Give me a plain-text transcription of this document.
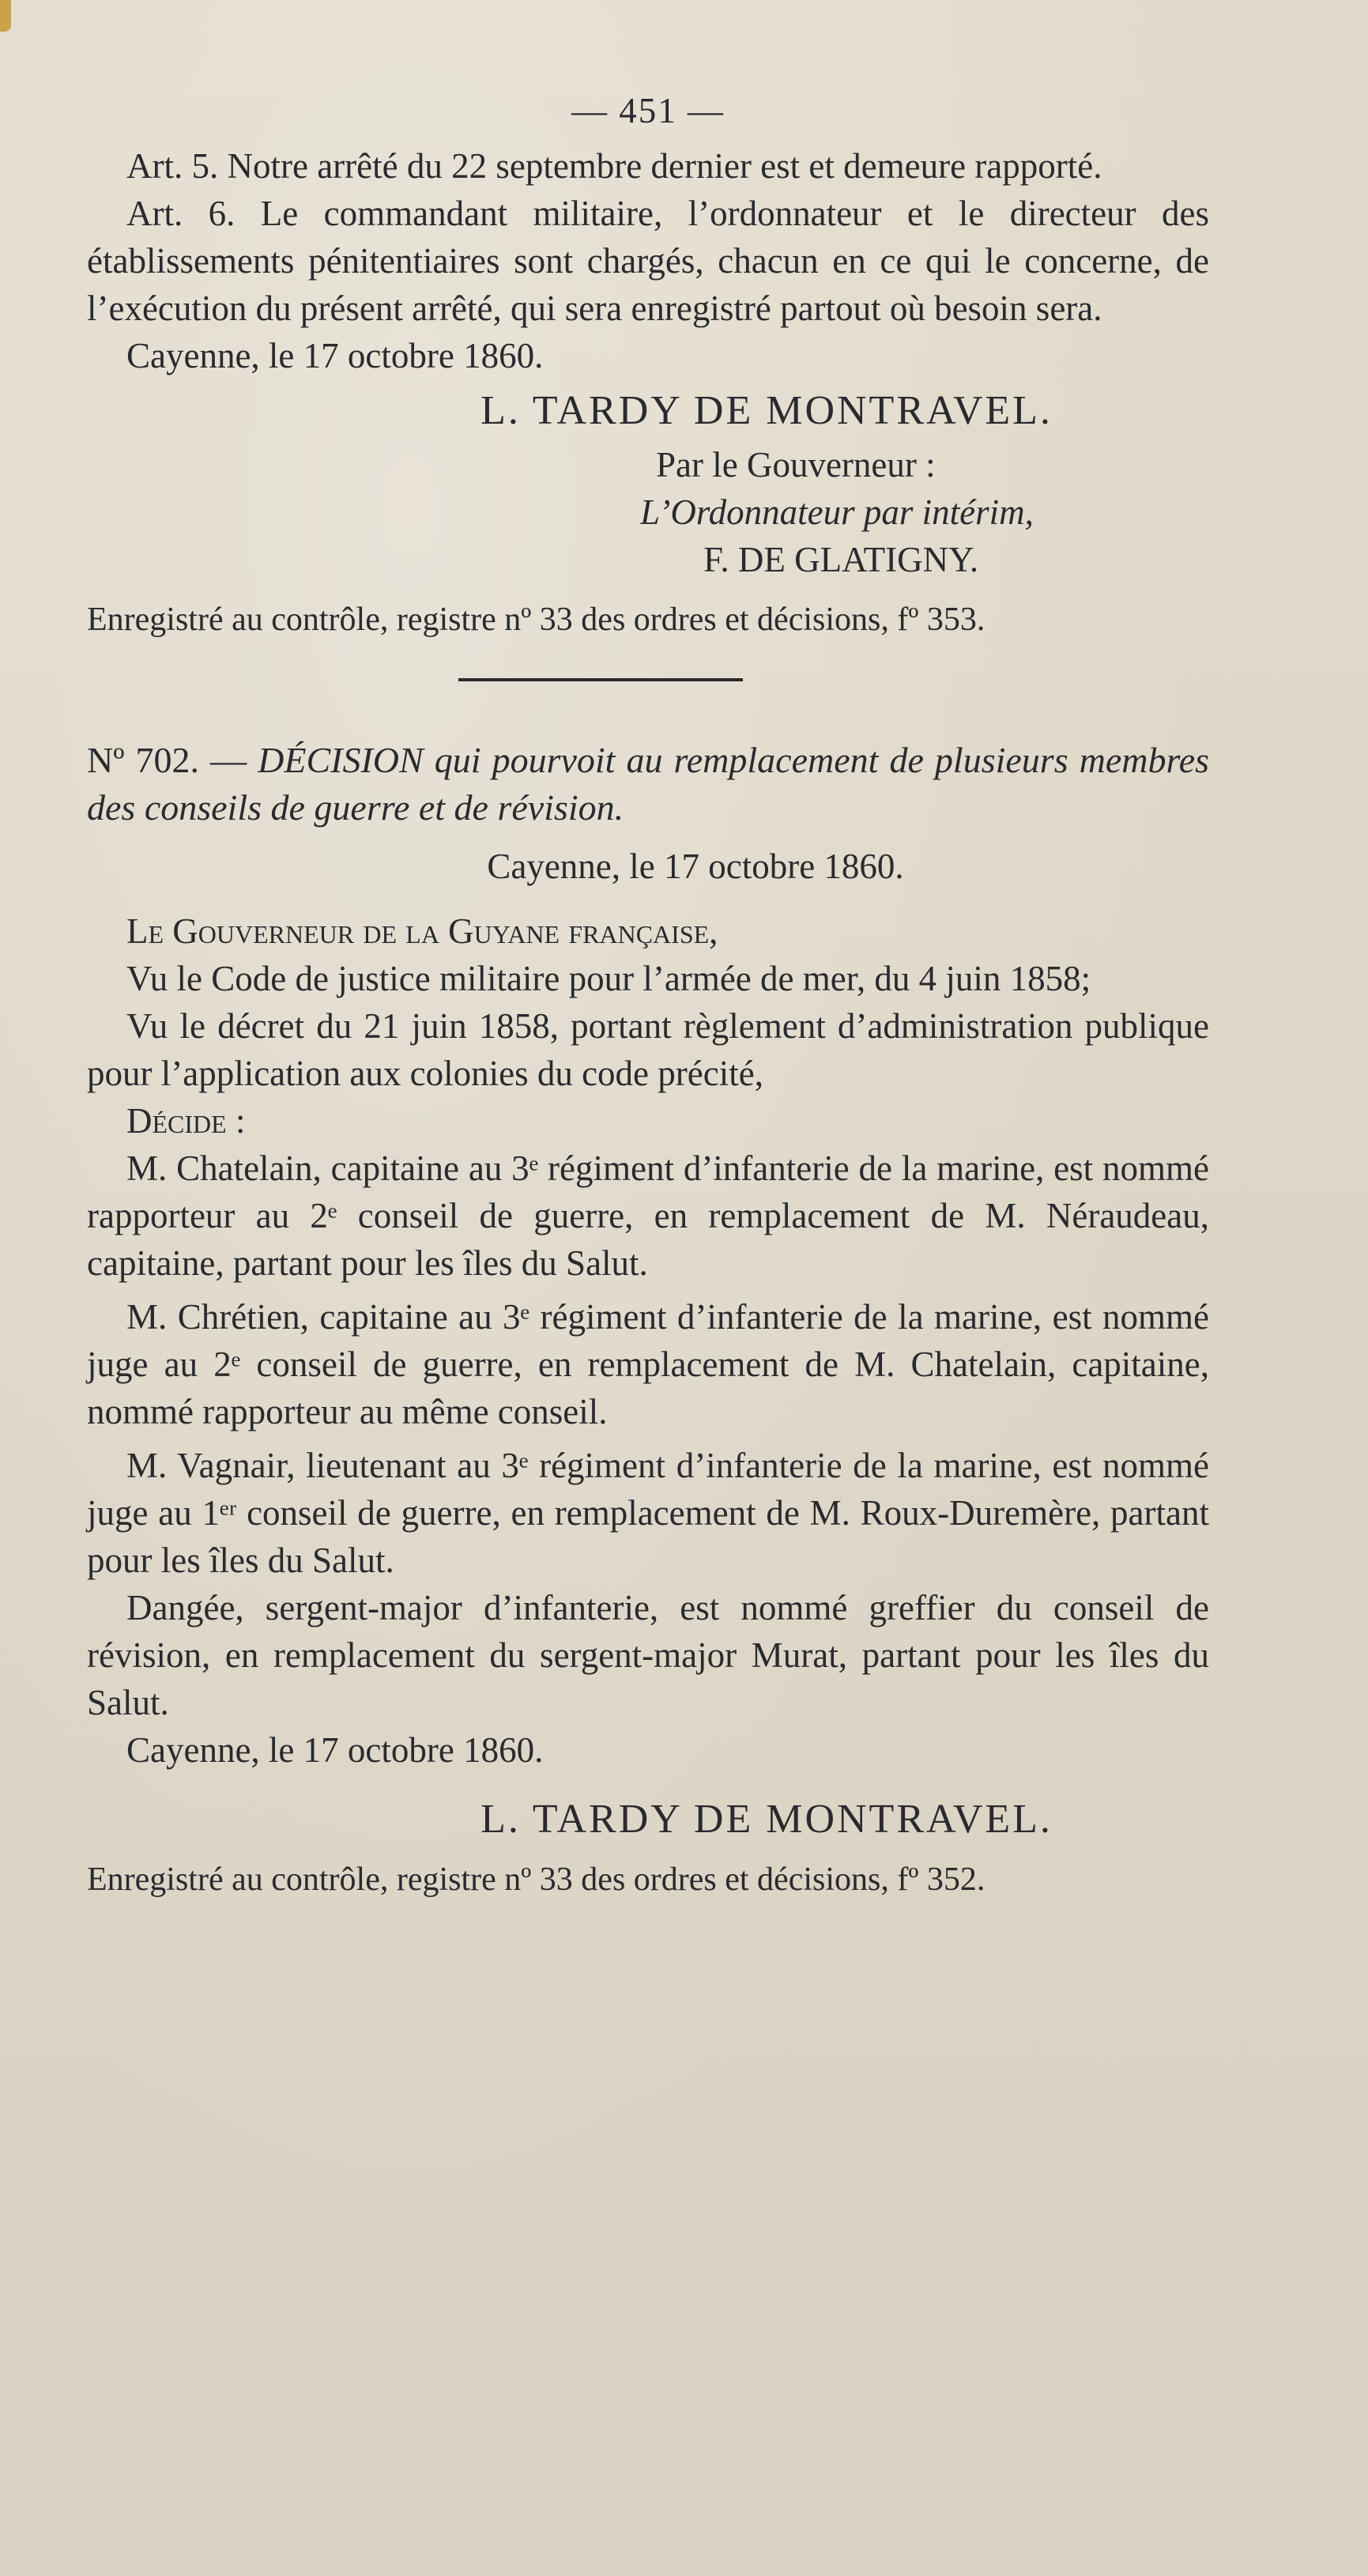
— 451 —

Art. 5. Notre arrêté du 22 septembre dernier est et demeure rapporté.

Art. 6. Le commandant militaire, l’ordonnateur et le directeur des établissements pénitentiaires sont chargés, chacun en ce qui le concerne, de l’exécution du présent arrêté, qui sera enregistré partout où besoin sera.

Cayenne, le 17 octobre 1860.

L. TARDY DE MONTRAVEL.

Par le Gouverneur :

L’Ordonnateur par intérim,

F. DE GLATIGNY.

Enregistré au contrôle, registre nº 33 des ordres et décisions, fº 353.

Nº 702. — DÉCISION qui pourvoit au remplacement de plusieurs membres des conseils de guerre et de révision.

Cayenne, le 17 octobre 1860.

Le Gouverneur de la Guyane française,

Vu le Code de justice militaire pour l’armée de mer, du 4 juin 1858;

Vu le décret du 21 juin 1858, portant règlement d’administration publique pour l’application aux colonies du code précité,

Décide :

M. Chatelain, capitaine au 3ᵉ régiment d’infanterie de la marine, est nommé rapporteur au 2ᵉ conseil de guerre, en remplacement de M. Néraudeau, capitaine, partant pour les îles du Salut.

M. Chrétien, capitaine au 3ᵉ régiment d’infanterie de la marine, est nommé juge au 2ᵉ conseil de guerre, en remplacement de M. Chatelain, capitaine, nommé rapporteur au même conseil.

M. Vagnair, lieutenant au 3ᵉ régiment d’infanterie de la marine, est nommé juge au 1ᵉʳ conseil de guerre, en remplacement de M. Roux-Duremère, partant pour les îles du Salut.

Dangée, sergent-major d’infanterie, est nommé greffier du conseil de révision, en remplacement du sergent-major Murat, partant pour les îles du Salut.

Cayenne, le 17 octobre 1860.

L. TARDY DE MONTRAVEL.

Enregistré au contrôle, registre nº 33 des ordres et décisions, fº 352.
